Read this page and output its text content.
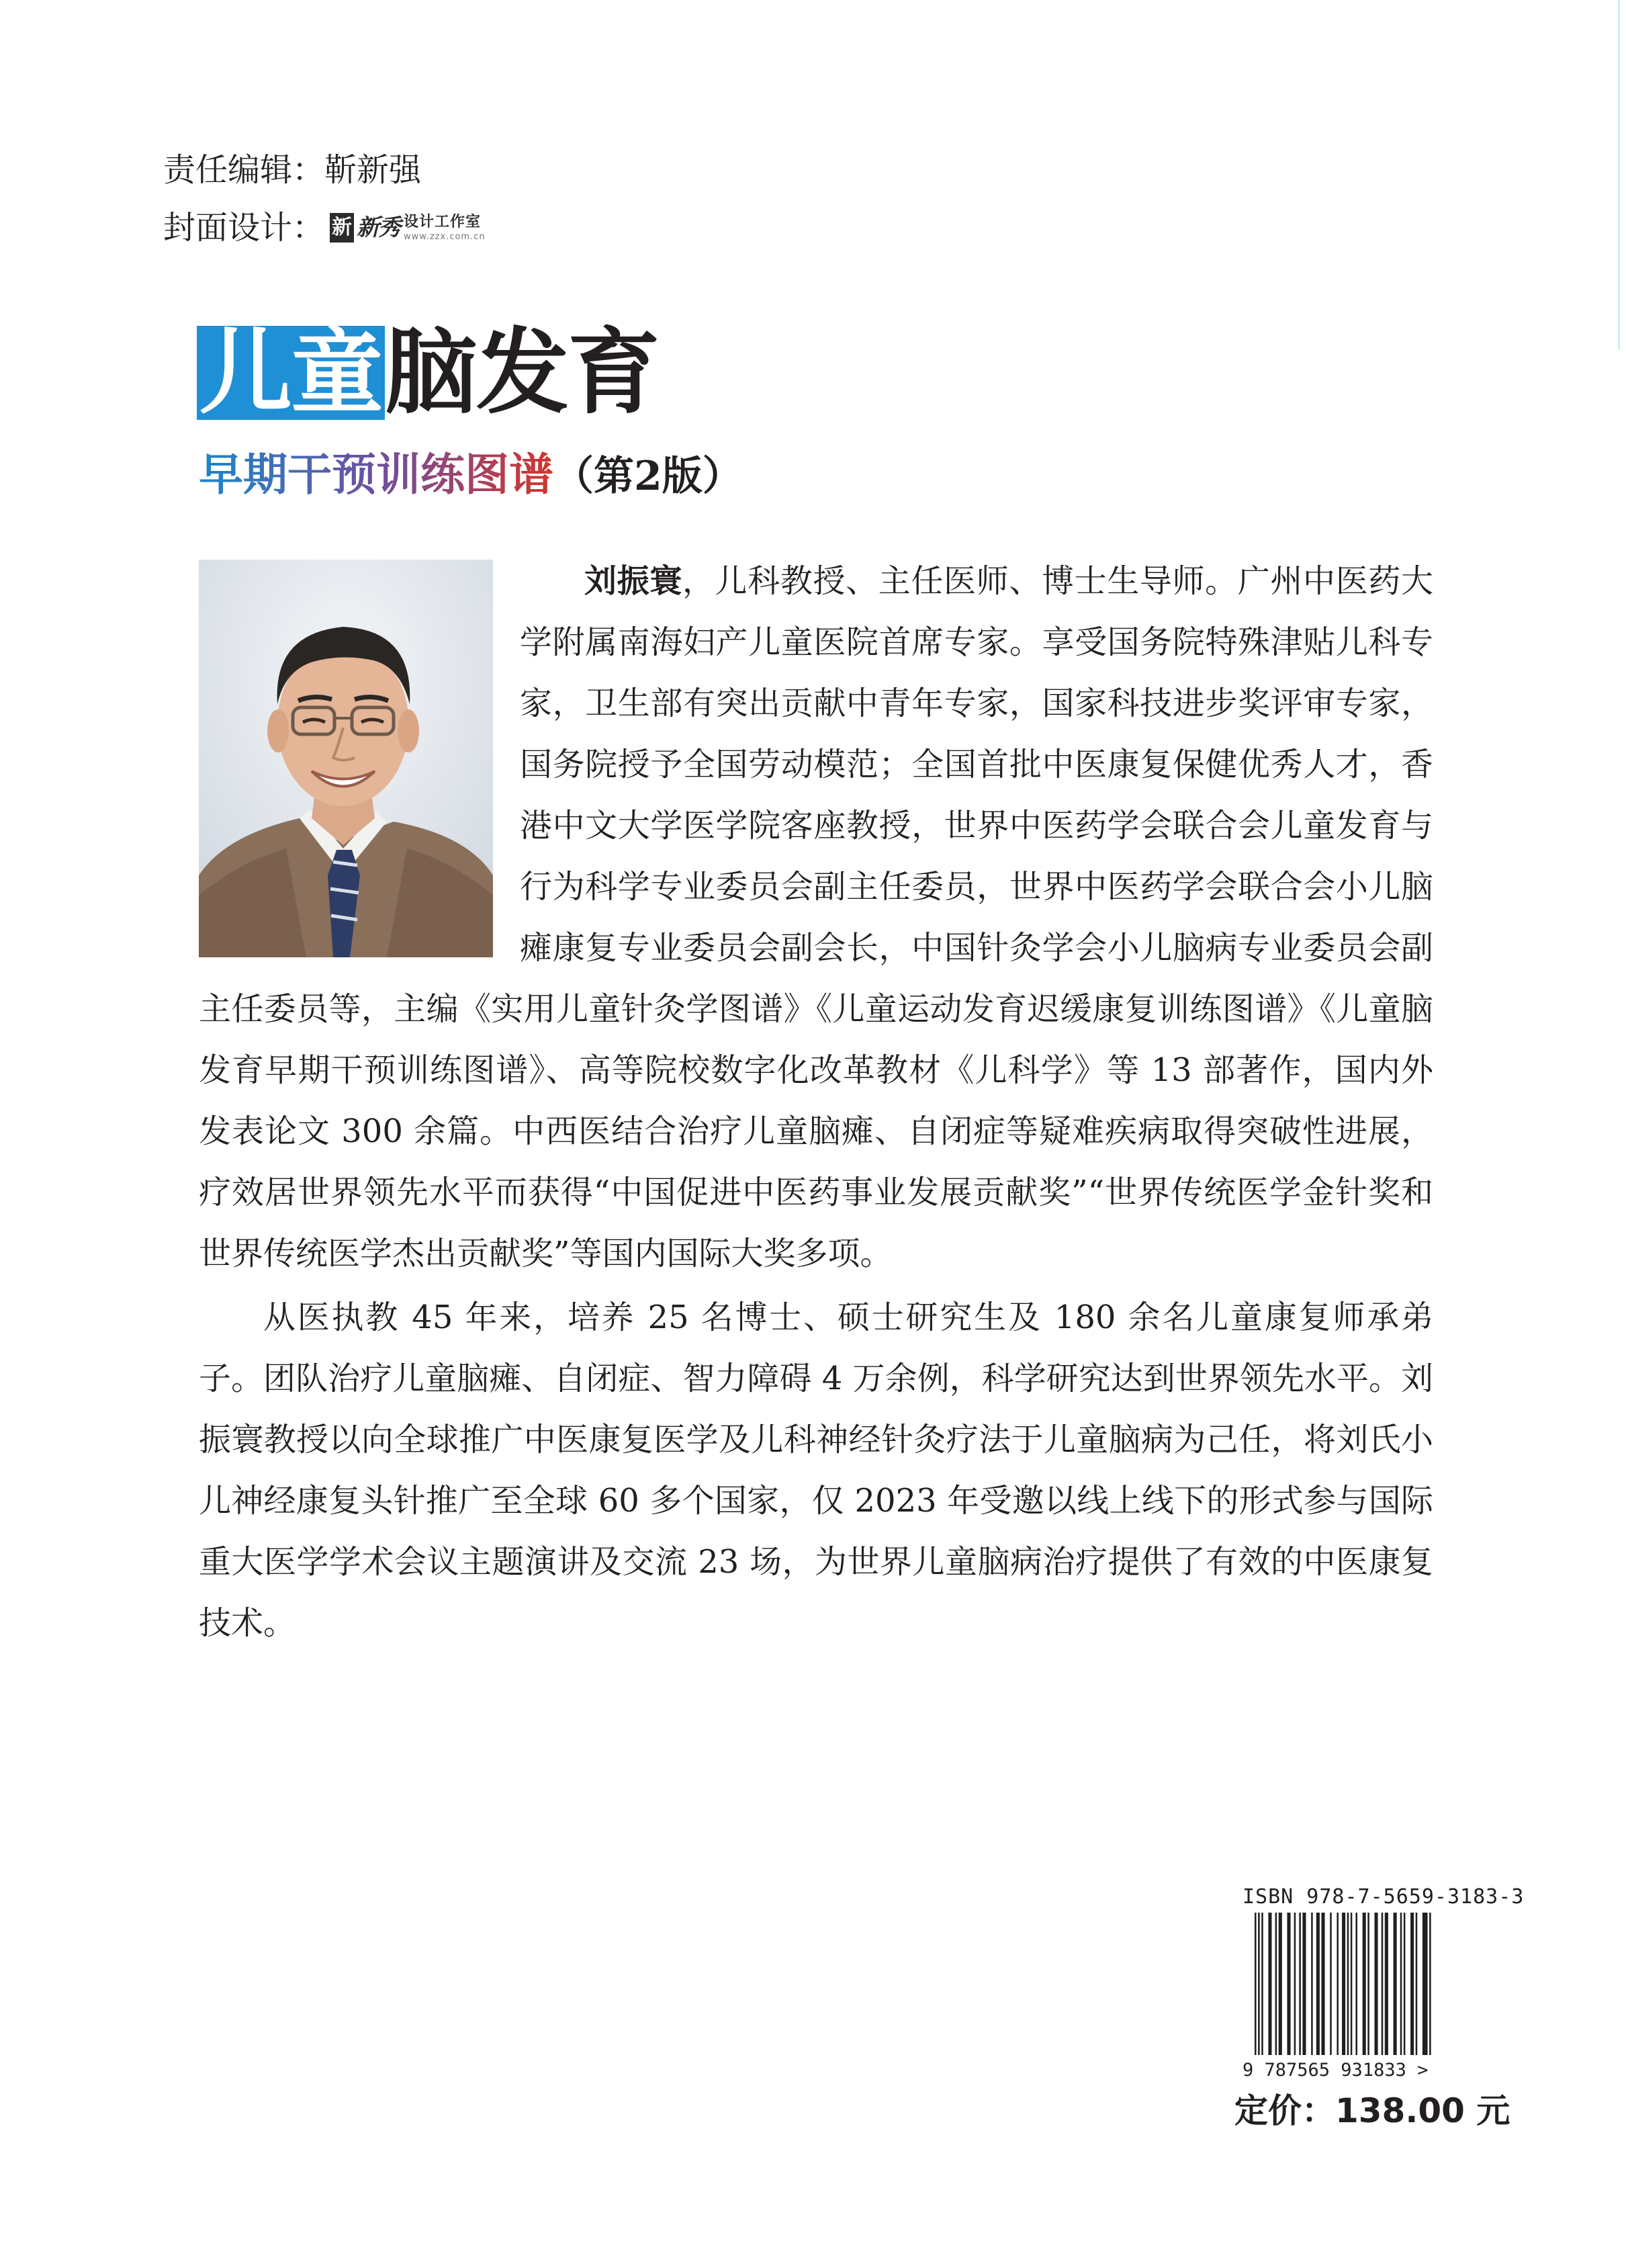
责任编辑： 靳新强
封面设计： 新 新秀 设计工作室
www.zzx.com.cn
儿童脑发育
早期干预训练图谱（第2版）

刘振寰，儿科教授、主任医师、博士生导师。广州中医药大学附属南海妇产儿童医院首席专家。享受国务院特殊津贴儿科专家，卫生部有突出贡献中青年专家，国家科技进步奖评审专家，国务院授予全国劳动模范；全国首批中医康复保健优秀人才，香港中文大学医学院客座教授，世界中医药学会联合会儿童发育与行为科学专业委员会副主任委员，世界中医药学会联合会小儿脑瘫康复专业委员会副会长，中国针灸学会小儿脑病专业委员会副主任委员等，主编《实用儿童针灸学图谱》《儿童运动发育迟缓康复训练图谱》《儿童脑发育早期干预训练图谱》、高等院校数字化改革教材《儿科学》等 13 部著作，国内外发表论文 300 余篇。中西医结合治疗儿童脑瘫、自闭症等疑难疾病取得突破性进展，疗效居世界领先水平而获得“中国促进中医药事业发展贡献奖”“世界传统医学金针奖和世界传统医学杰出贡献奖”等国内国际大奖多项。

从医执教 45 年来，培养 25 名博士、硕士研究生及 180 余名儿童康复师承弟子。团队治疗儿童脑瘫、自闭症、智力障碍 4 万余例，科学研究达到世界领先水平。刘振寰教授以向全球推广中医康复医学及儿科神经针灸疗法于儿童脑病为己任，将刘氏小儿神经康复头针推广至全球 60 多个国家，仅 2023 年受邀以线上线下的形式参与国际重大医学学术会议主题演讲及交流 23 场，为世界儿童脑病治疗提供了有效的中医康复技术。

ISBN 978-7-5659-3183-3
9 787565 931833 >
定价：138.00 元
